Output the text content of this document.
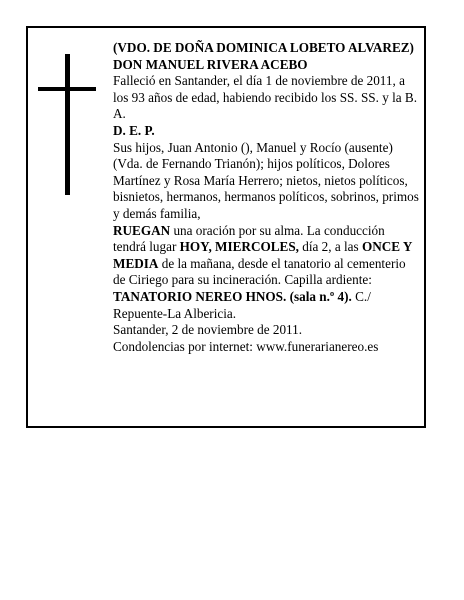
(VDO. DE DOÑA DOMINICA LOBETO ALVAREZ)

DON MANUEL RIVERA ACEBO

Falleció en Santander, el día 1 de noviembre de 2011, a los 93 años de edad, habiendo recibido los SS. SS. y la B. A.

D. E. P.

Sus hijos, Juan Antonio (), Manuel y Rocío (ausente) (Vda. de Fernando Trianón); hijos políticos, Dolores Martínez y Rosa María Herrero; nietos, nietos políticos, bisnietos, hermanos, hermanos políticos, sobrinos, primos y demás familia,

RUEGAN una oración por su alma. La conducción tendrá lugar HOY, MIERCOLES, día 2, a las ONCE Y MEDIA de la mañana, desde el tanatorio al cementerio de Ciriego para su incineración. Capilla ardiente: TANATORIO NEREO HNOS. (sala n.º 4). C./ Repuente-La Albericia.

Santander, 2 de noviembre de 2011.

Condolencias por internet: www.funerarianereo.es
